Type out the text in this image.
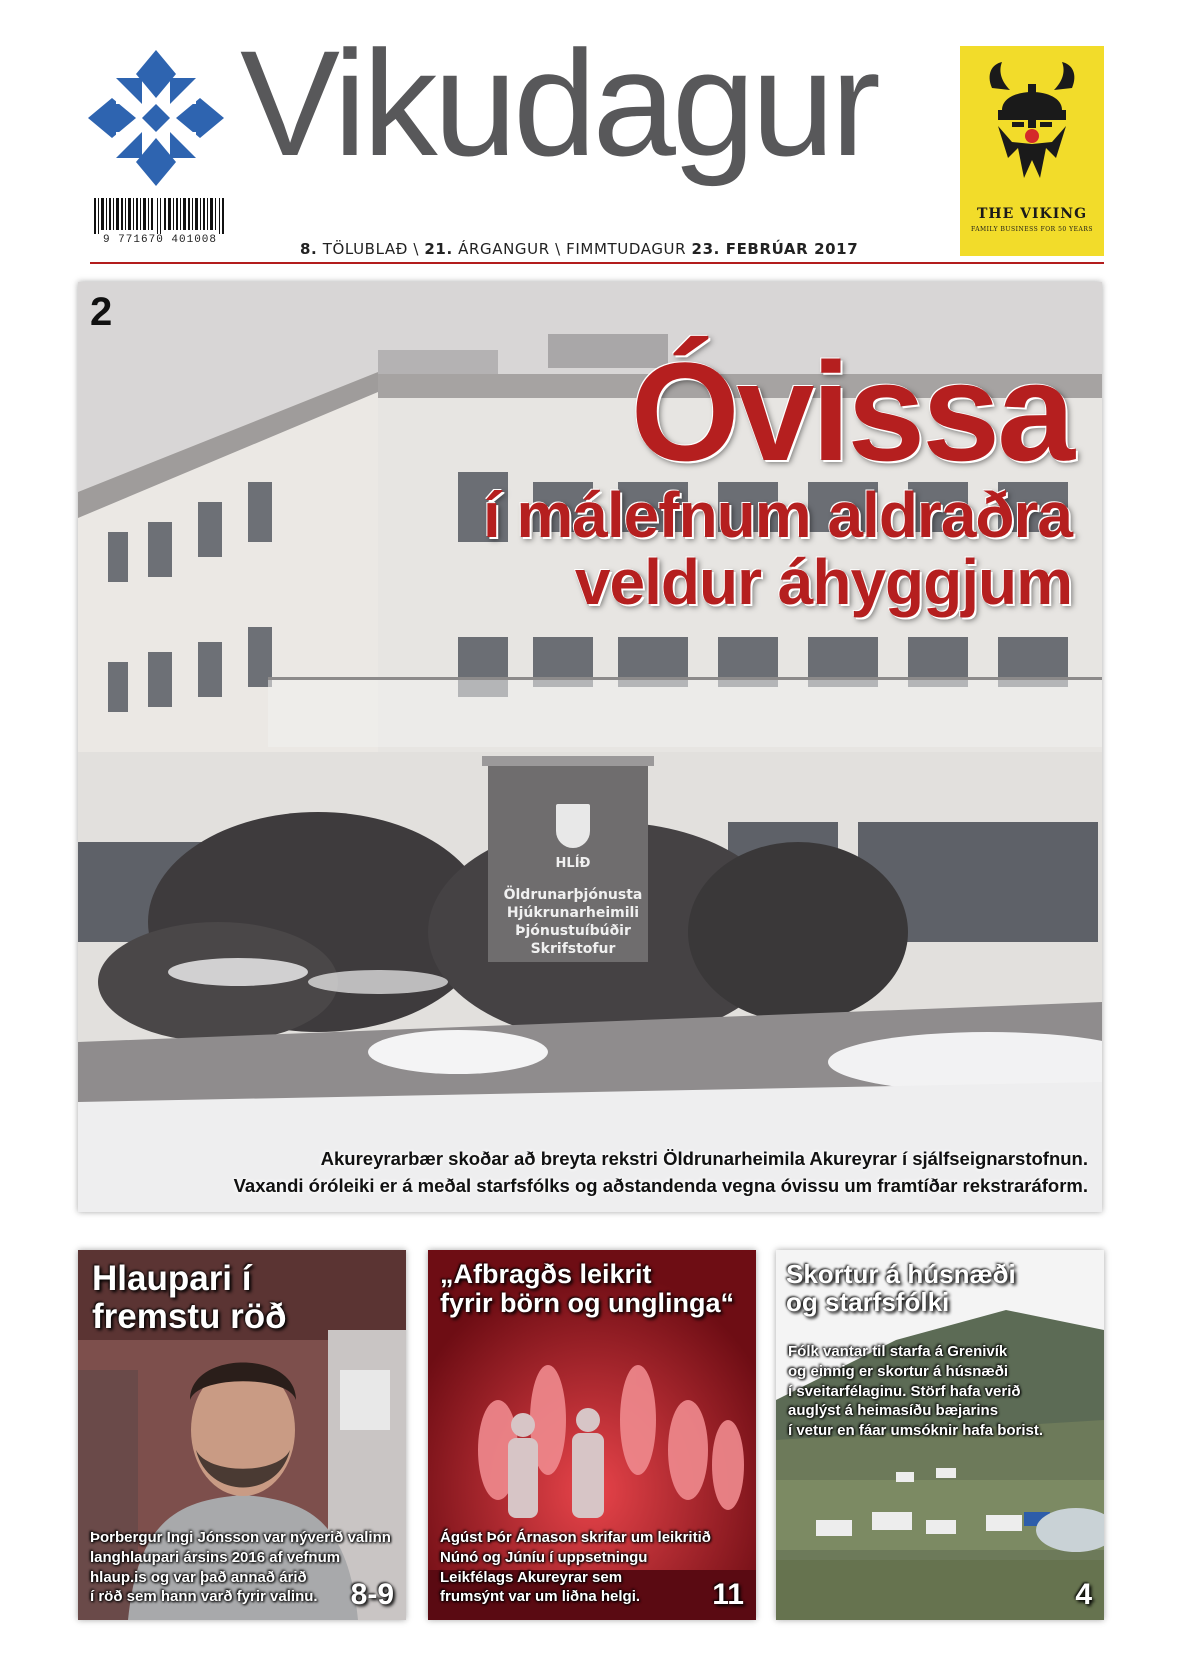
Vikudagur
9 771670 401008	8. TÖLUBLAÐ \ 21. ÁRGANGUR \ FIMMTUDAGUR 23. FEBRÚAR 2017
THE VIKING
FAMILY BUSINESS FOR 50 YEARS
HLÍÐ
Öldrunarþjónusta
Hjúkrunarheimili
Þjónustuíbúðir
Skrifstofur
2
Óvissa
í málefnum aldraðra
veldur áhyggjum
Akureyrarbær skoðar að breyta rekstri Öldrunarheimila Akureyrar í sjálfseignarstofnun.
Vaxandi óróleiki er á meðal starfsfólks og aðstandenda vegna óvissu um framtíðar rekstraráform.
Hlaupari í
fremstu röð
Þorbergur Ingi Jónsson var nýverið valinn
langhlaupari ársins 2016 af vefnum
hlaup.is og var það annað árið
í röð sem hann varð fyrir valinu.	8-9
„Afbragðs leikrit
fyrir börn og unglinga“
Ágúst Þór Árnason skrifar um leikritið
Núnó og Júníu í uppsetningu
Leikfélags Akureyrar sem
frumsýnt var um liðna helgi.	11
Skortur á húsnæði
og starfsfólki
Fólk vantar til starfa á Grenivík
og einnig er skortur á húsnæði
í sveitarfélaginu. Störf hafa verið
auglýst á heimasíðu bæjarins
í vetur en fáar umsóknir hafa borist.
4
